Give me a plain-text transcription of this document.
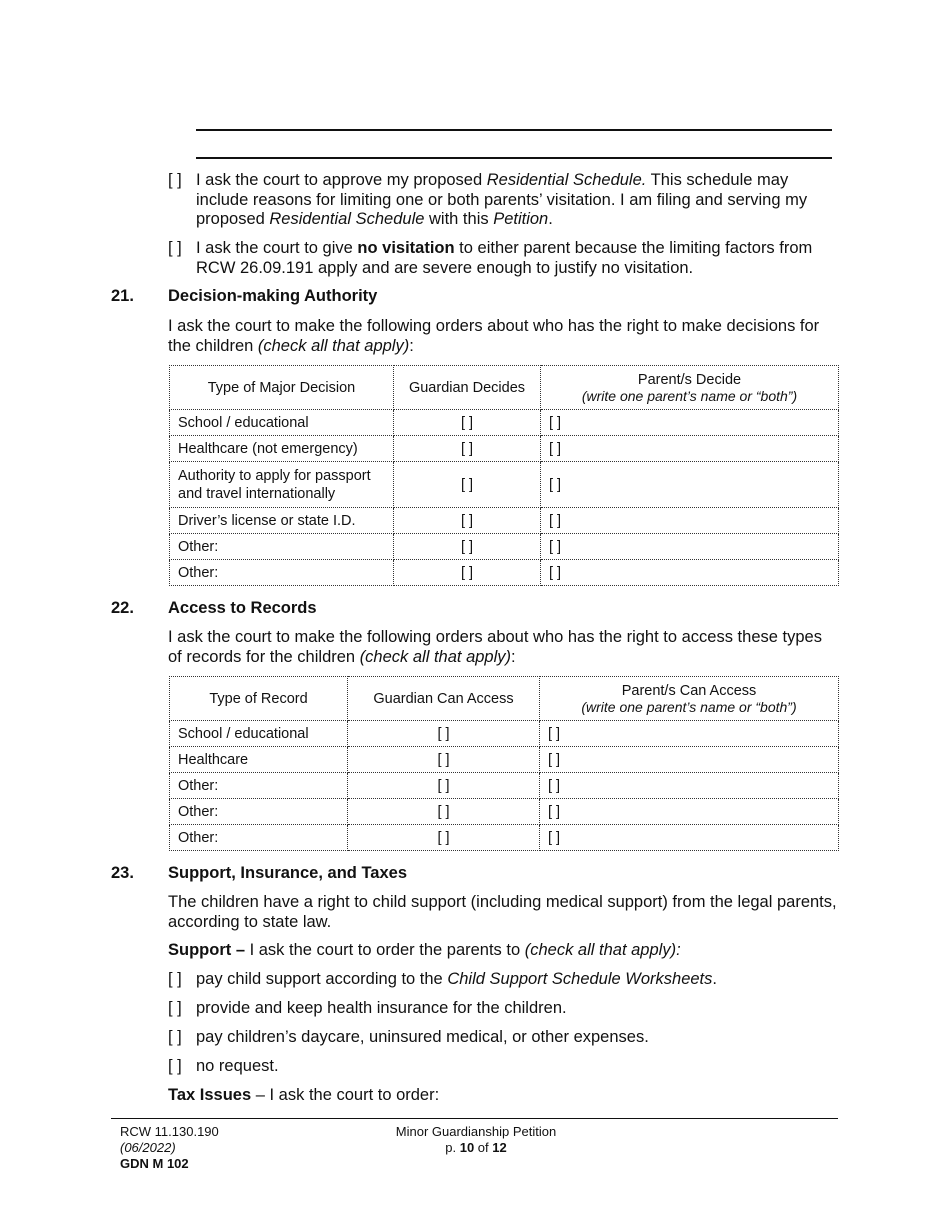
[ ] I ask the court to approve my proposed Residential Schedule. This schedule may include reasons for limiting one or both parents’ visitation. I am filing and serving my proposed Residential Schedule with this Petition.
[ ] I ask the court to give no visitation to either parent because the limiting factors from RCW 26.09.191 apply and are severe enough to justify no visitation.
21. Decision-making Authority
I ask the court to make the following orders about who has the right to make decisions for the children (check all that apply):
Type of Major Decision	Guardian Decides	Parent/s Decide
(write one parent’s name or “both”)

School / educational	[ ]	[ ]
Healthcare (not emergency)	[ ]	[ ]
Authority to apply for passport and travel internationally	[ ]	[ ]
Driver’s license or state I.D.	[ ]	[ ]
Other:	[ ]	[ ]
Other:	[ ]	[ ]
22. Access to Records
I ask the court to make the following orders about who has the right to access these types of records for the children (check all that apply):
Type of Record	Guardian Can Access	Parent/s Can Access
(write one parent’s name or “both”)

School / educational	[ ]	[ ]
Healthcare	[ ]	[ ]
Other:	[ ]	[ ]
Other:	[ ]	[ ]
Other:	[ ]	[ ]
23. Support, Insurance, and Taxes
The children have a right to child support (including medical support) from the legal parents, according to state law.
Support – I ask the court to order the parents to (check all that apply):
[ ] pay child support according to the Child Support Schedule Worksheets.
[ ] provide and keep health insurance for the children.
[ ] pay children’s daycare, uninsured medical, or other expenses.
[ ] no request.
Tax Issues – I ask the court to order:
RCW 11.130.190
(06/2022)
GDN M 102
Minor Guardianship Petition
p. 10 of 12
